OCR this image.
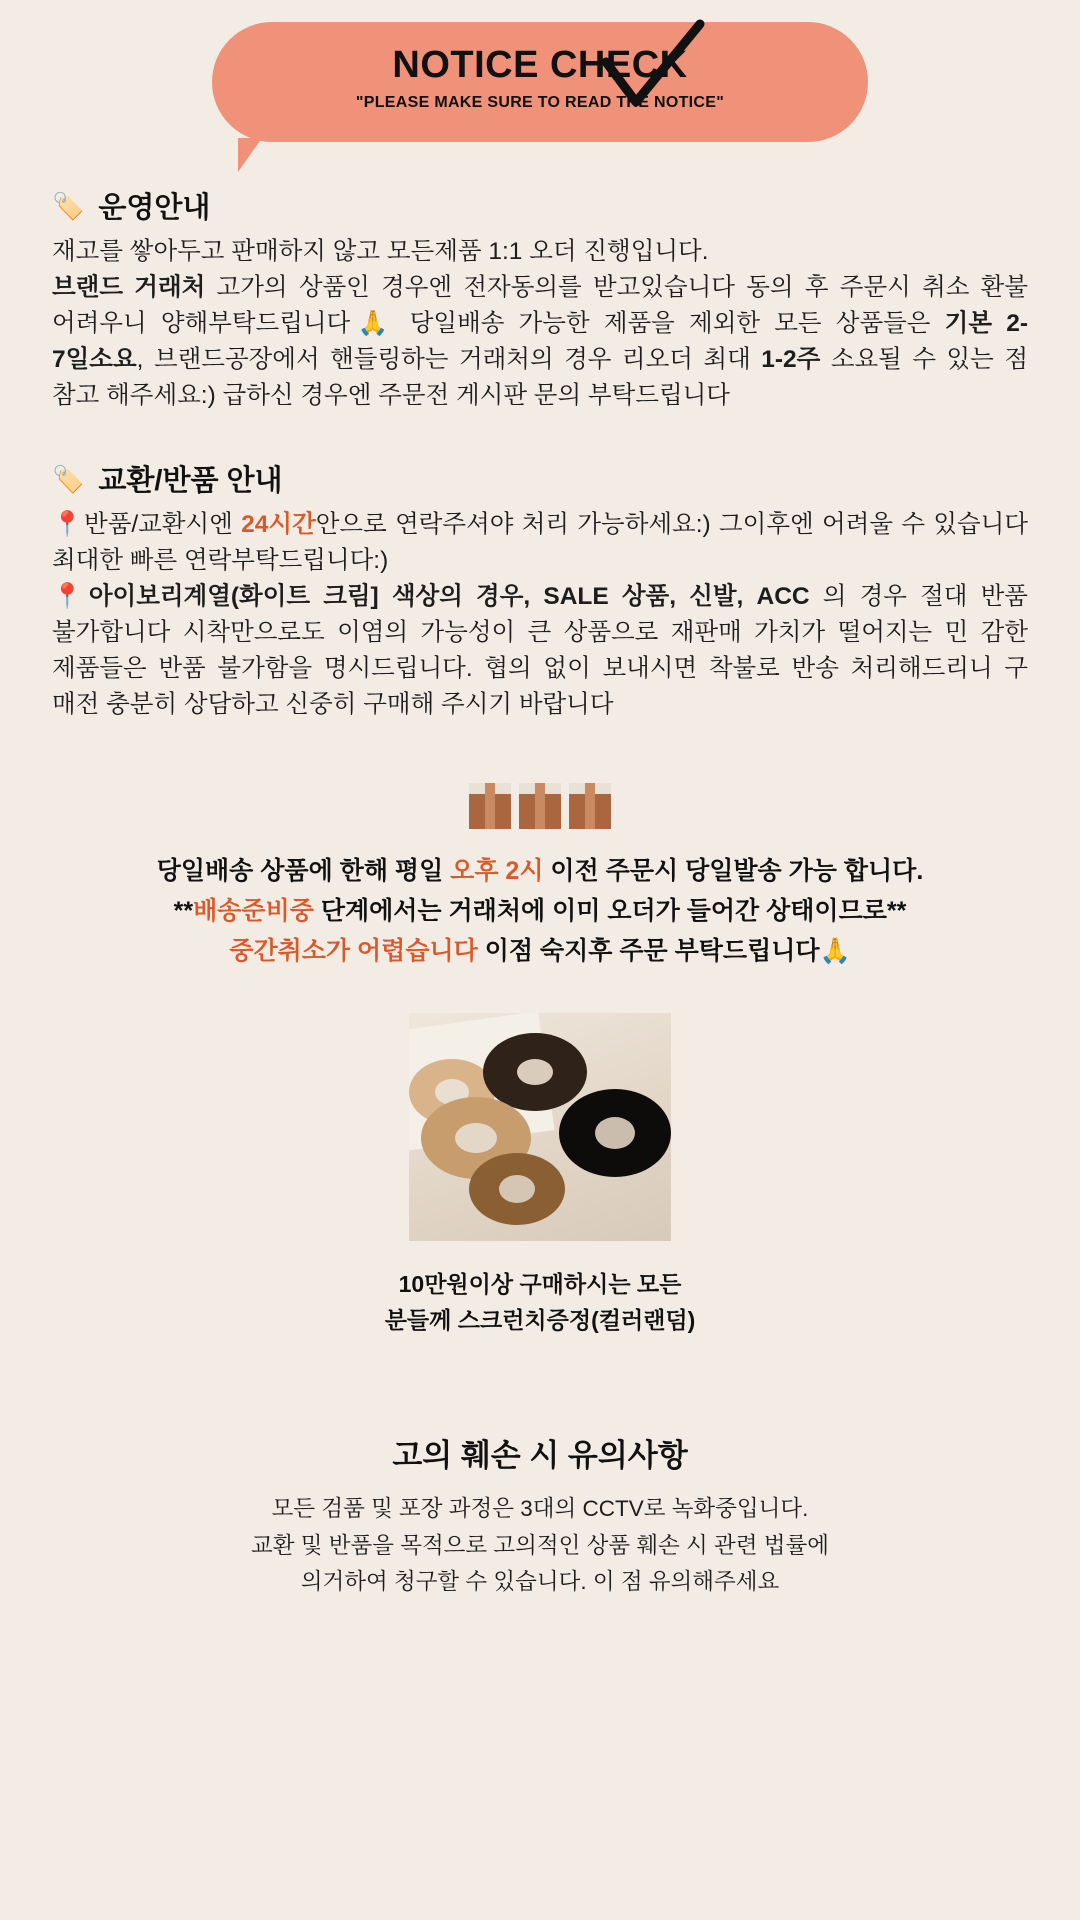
NOTICE CHECK
"PLEASE MAKE SURE TO READ THE NOTICE"
🏷️ 운영안내
재고를 쌓아두고 판매하지 않고 모든제품 1:1 오더 진행입니다.
브랜드 거래처 고가의 상품인 경우엔 전자동의를 받고있습니다 동의 후 주문시 취소 환불 어려우니 양해부탁드립니다🙏 당일배송 가능한 제품을 제외한 모든 상품들은 기본 2-7일소요, 브랜드공장에서 핸들링하는 거래처의 경우 리오더 최대 1-2주 소요될 수 있는 점 참고 해주세요:) 급하신 경우엔 주문전 게시판 문의 부탁드립니다
🏷️ 교환/반품 안내
📍반품/교환시엔 24시간안으로 연락주셔야 처리 가능하세요:) 그이후엔 어려울 수 있습니다 최대한 빠른 연락부탁드립니다:)
📍아이보리계열(화이트 크림] 색상의 경우, SALE 상품, 신발, ACC 의 경우 절대 반품 불가합니다 시착만으로도 이염의 가능성이 큰 상품으로 재판매 가치가 떨어지는 민 감한 제품들은 반품 불가함을 명시드립니다. 협의 없이 보내시면 착불로 반송 처리해드리니 구 매전 충분히 상담하고 신중히 구매해 주시기 바랍니다
당일배송 상품에 한해 평일 오후 2시 이전 주문시 당일발송 가능 합니다.
**배송준비중 단계에서는 거래처에 이미 오더가 들어간 상태이므로**
중간취소가 어렵습니다 이점 숙지후 주문 부탁드립니다🙏
10만원이상 구매하시는 모든
분들께 스크런치증정(컬러랜덤)
고의 훼손 시 유의사항
모든 검품 및 포장 과정은 3대의 CCTV로 녹화중입니다.
교환 및 반품을 목적으로 고의적인 상품 훼손 시 관련 법률에
의거하여 청구할 수 있습니다. 이 점 유의해주세요
